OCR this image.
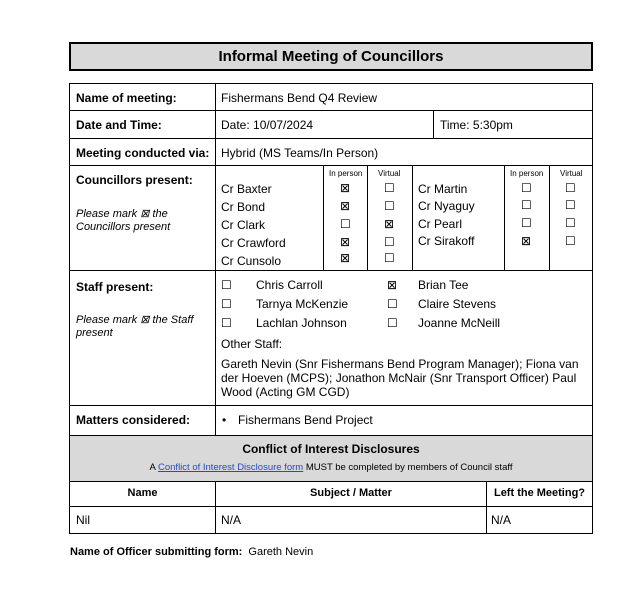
Informal Meeting of Councillors
Name of meeting:	Fishermans Bend Q4 Review
Date and Time:	Date: 10/07/2024	Time: 5:30pm
Meeting conducted via: Hybrid (MS Teams/In Person)
Councillors present:
Please mark ⊠ the Councillors present
In person Virtual	In person Virtual
Cr Baxter	⊠	☐
Cr Bond	⊠	☐
Cr Clark	☐	⊠
Cr Crawford	⊠	☐
Cr Cunsolo	⊠	☐
Cr Martin	☐	☐
Cr Nyaguy	☐	☐
Cr Pearl	☐	☐
Cr Sirakoff	⊠	☐
Staff present:
Please mark ⊠ the Staff present
☐ Chris Carroll
☐ Tarnya McKenzie
☐ Lachlan Johnson
⊠ Brian Tee
☐ Claire Stevens
☐ Joanne McNeill
Other Staff:
Gareth Nevin (Snr Fishermans Bend Program Manager); Fiona van der Hoeven (MCPS); Jonathon McNair (Snr Transport Officer) Paul Wood (Acting GM CGD)
Matters considered:	• Fishermans Bend Project
Conflict of Interest Disclosures
A Conflict of Interest Disclosure form MUST be completed by members of Council staff
Name	Subject / Matter	Left the Meeting?
Nil	N/A	N/A
Name of Officer submitting form: Gareth Nevin
